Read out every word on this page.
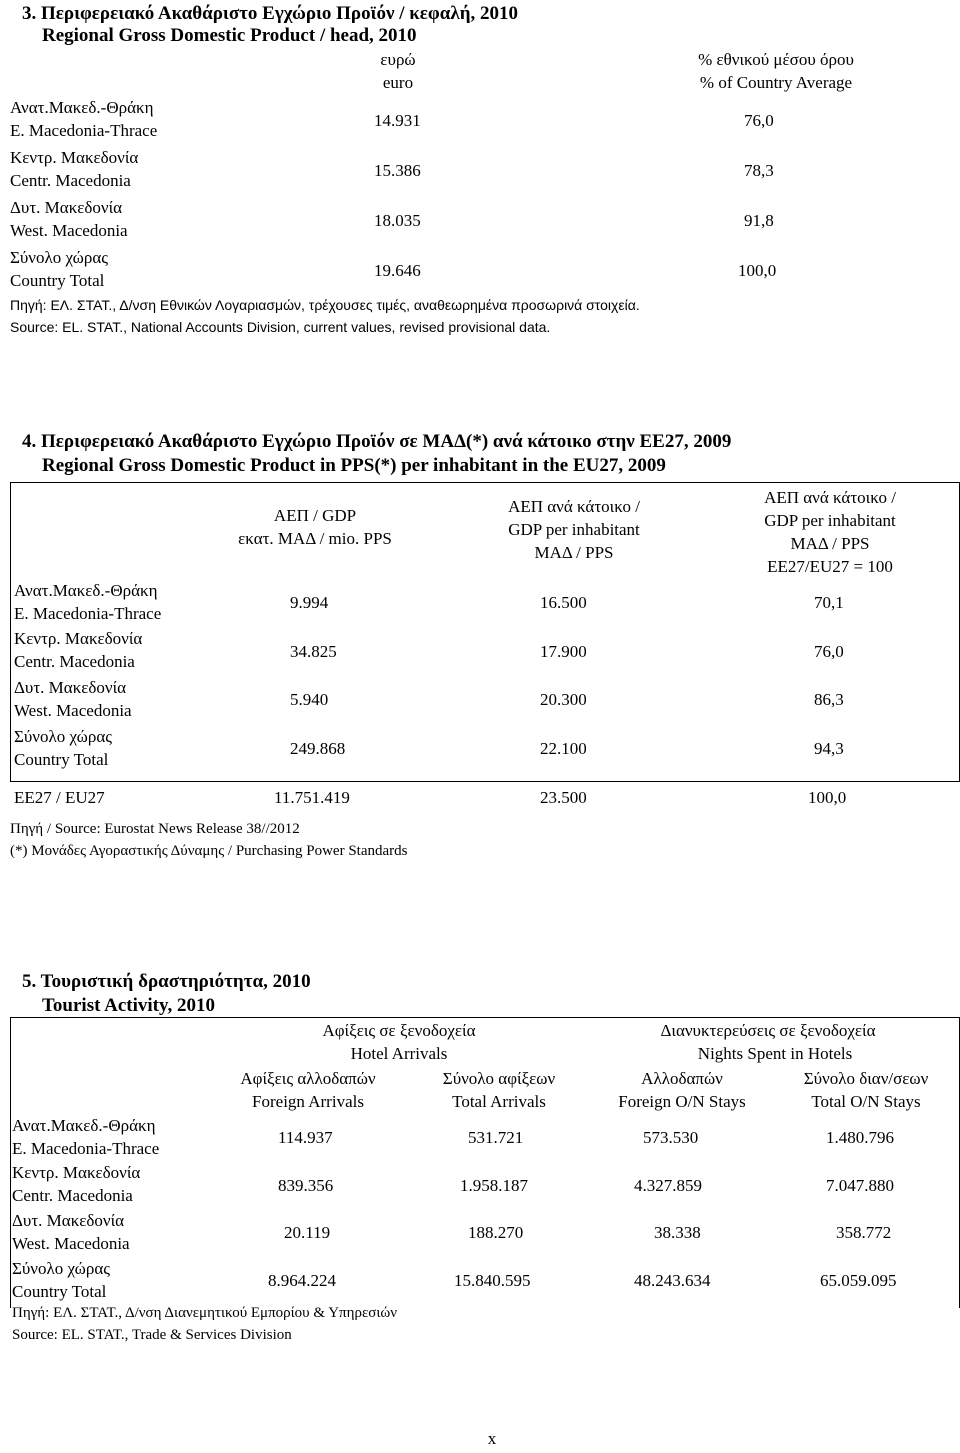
3. Περιφερειακό Ακαθάριστο Εγχώριο Προϊόν / κεφαλή, 2010

Regional Gross Domestic Product / head, 2010

ευρώ

euro

% εθνικού μέσου όρου

% of Country Average

Ανατ.Μακεδ.-Θράκη

E. Macedonia-Thrace

14.931	76,0

Κεντρ. Μακεδονία

Centr. Macedonia

15.386	78,3

Δυτ. Μακεδονία

West. Macedonia

18.035	91,8

Σύνολο χώρας

Country Total

19.646	100,0

Πηγή: ΕΛ. ΣΤΑΤ., Δ/νση Εθνικών Λογαριασμών, τρέχουσες τιμές, αναθεωρημένα προσωρινά στοιχεία.

Source: EL. STAT., National Accounts Division, current values, revised provisional data.

4. Περιφερειακό Ακαθάριστο Εγχώριο Προϊόν σε ΜΑΔ(*) ανά κάτοικο στην ΕΕ27, 2009

Regional Gross Domestic Product in PPS(*) per inhabitant in the EU27, 2009

ΑΕΠ / GDP

εκατ. ΜΑΔ / mio. PPS

ΑΕΠ ανά κάτοικο /

GDP per inhabitant

ΜΑΔ / PPS

ΑΕΠ ανά κάτοικο /

GDP per inhabitant

ΜΑΔ / PPS

ΕΕ27/EU27 = 100

Ανατ.Μακεδ.-Θράκη

E. Macedonia-Thrace

9.994	16.500	70,1

Κεντρ. Μακεδονία

Centr. Macedonia

34.825	17.900	76,0

Δυτ. Μακεδονία

West. Macedonia

5.940	20.300	86,3

Σύνολο χώρας

Country Total

249.868	22.100	94,3

ΕΕ27 / EU27	11.751.419	23.500	100,0

Πηγή / Source: Eurostat News Release 38//2012

(*) Μονάδες Αγοραστικής Δύναμης / Purchasing Power Standards

5. Τουριστική δραστηριότητα, 2010

Tourist Activity, 2010

Αφίξεις σε ξενοδοχεία

Hotel Arrivals

Διανυκτερεύσεις σε ξενοδοχεία

Nights Spent in Hotels

Αφίξεις αλλοδαπών

Foreign Arrivals

Σύνολο αφίξεων

Total Arrivals

Αλλοδαπών

Foreign O/N Stays

Σύνολο διαν/σεων

Total O/N Stays

Ανατ.Μακεδ.-Θράκη

E. Macedonia-Thrace

114.937	531.721	573.530	1.480.796

Κεντρ. Μακεδονία

Centr. Macedonia

839.356	1.958.187	4.327.859	7.047.880

Δυτ. Μακεδονία

West. Macedonia

20.119	188.270	38.338	358.772

Σύνολο χώρας

Country Total

8.964.224	15.840.595	48.243.634	65.059.095

Πηγή: ΕΛ. ΣΤΑΤ., Δ/νση Διανεμητικού Εμπορίου & Υπηρεσιών

Source: EL. STAT., Trade & Services Division

x
